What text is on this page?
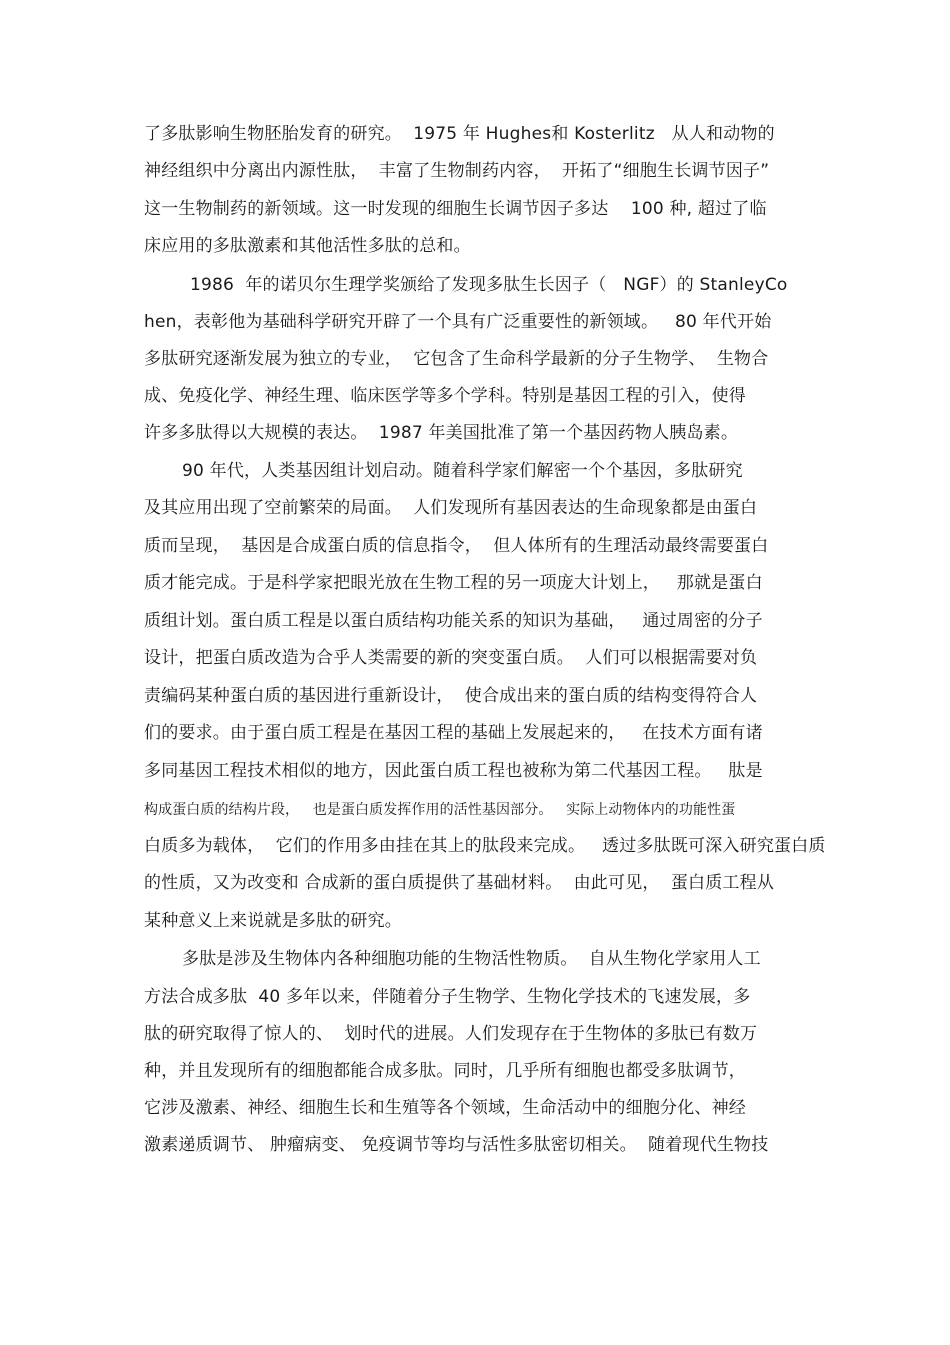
了多肽影响生物胚胎发育的研究。  1975 年 Hughes和 Kosterlitz   从人和动物的
神经组织中分离出内源性肽，  丰富了生物制药内容，  开拓了“细胞生长调节因子”
这一生物制药的新领域。这一时发现的细胞生长调节因子多达    100 种, 超过了临
床应用的多肽激素和其他活性多肽的总和。
1986  年的诺贝尔生理学奖颁给了发现多肽生长因子（   NGF）的 StanleyCo
hen，表彰他为基础科学研究开辟了一个具有广泛重要性的新领域。   80 年代开始
多肽研究逐渐发展为独立的专业，  它包含了生命科学最新的分子生物学、  生物合
成、免疫化学、神经生理、临床医学等多个学科。特别是基因工程的引入，使得
许多多肽得以大规模的表达。  1987 年美国批准了第一个基因药物人胰岛素。
90 年代，人类基因组计划启动。随着科学家们解密一个个基因，多肽研究
及其应用出现了空前繁荣的局面。  人们发现所有基因表达的生命现象都是由蛋白
质而呈现，  基因是合成蛋白质的信息指令，  但人体所有的生理活动最终需要蛋白
质才能完成。于是科学家把眼光放在生物工程的另一项庞大计划上，   那就是蛋白
质组计划。蛋白质工程是以蛋白质结构功能关系的知识为基础，   通过周密的分子
设计，把蛋白质改造为合乎人类需要的新的突变蛋白质。  人们可以根据需要对负
责编码某种蛋白质的基因进行重新设计，  使合成出来的蛋白质的结构变得符合人
们的要求。由于蛋白质工程是在基因工程的基础上发展起来的，   在技术方面有诸
多同基因工程技术相似的地方，因此蛋白质工程也被称为第二代基因工程。   肽是
构成蛋白质的结构片段，   也是蛋白质发挥作用的活性基因部分。   实际上动物体内的功能性蛋
白质多为载体，  它们的作用多由挂在其上的肽段来完成。   透过多肽既可深入研究蛋白质
的性质，又为改变和 合成新的蛋白质提供了基础材料。  由此可见，  蛋白质工程从
某种意义上来说就是多肽的研究。
多肽是涉及生物体内各种细胞功能的生物活性物质。  自从生物化学家用人工
方法合成多肽  40 多年以来，伴随着分子生物学、生物化学技术的飞速发展，多
肽的研究取得了惊人的、  划时代的进展。人们发现存在于生物体的多肽已有数万
种，并且发现所有的细胞都能合成多肽。同时，几乎所有细胞也都受多肽调节，
它涉及激素、神经、细胞生长和生殖等各个领域，生命活动中的细胞分化、神经
激素递质调节、 肿瘤病变、 免疫调节等均与活性多肽密切相关。  随着现代生物技
